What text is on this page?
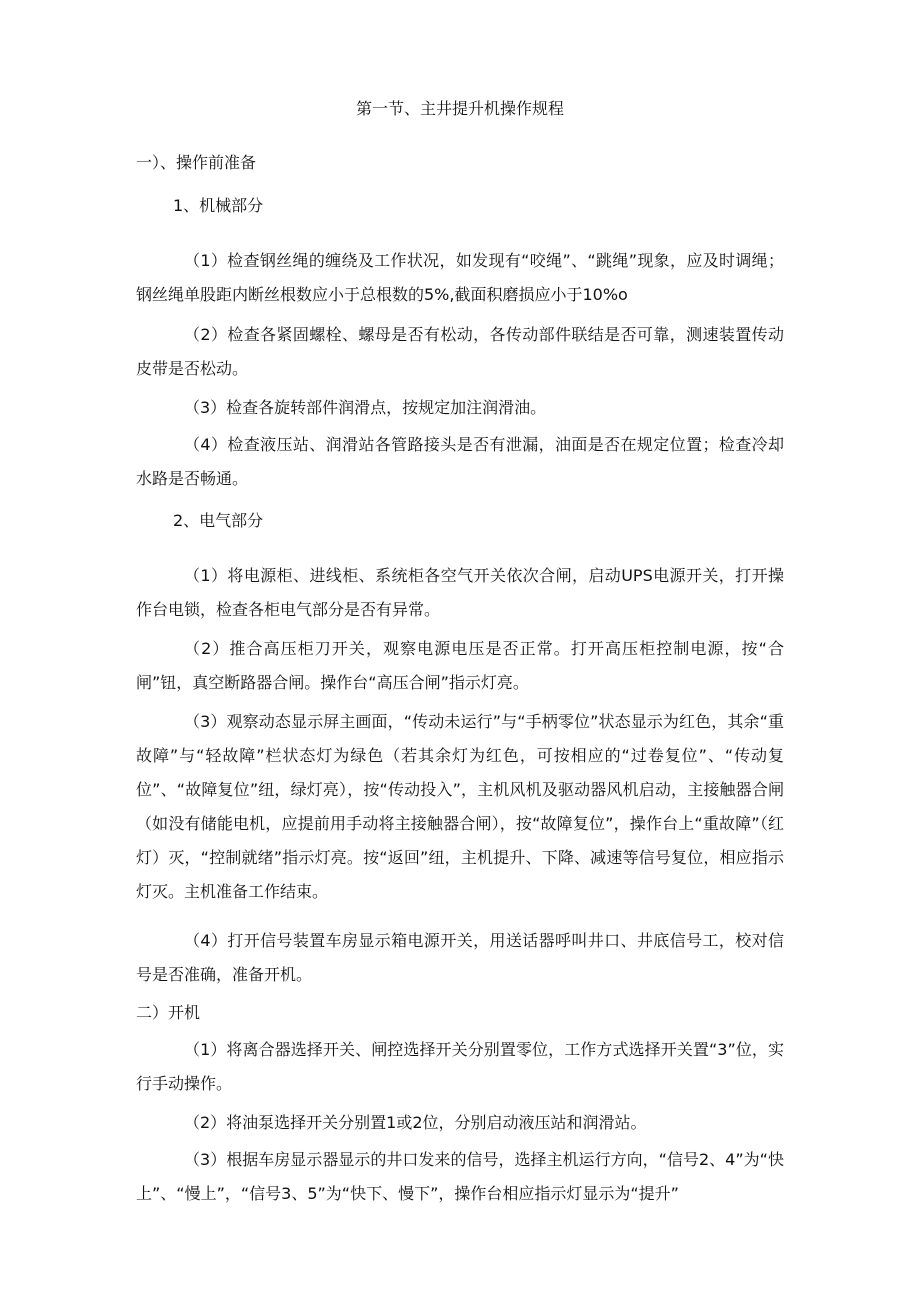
第一节、主井提升机操作规程
一）、操作前准备
1、机械部分

（1）检查钢丝绳的缠绕及工作状况，如发现有“咬绳”、“跳绳”现象，应及时调绳；钢丝绳单股距内断丝根数应小于总根数的5%,截面积磨损应小于10%o

（2）检查各紧固螺栓、螺母是否有松动，各传动部件联结是否可靠，测速装置传动皮带是否松动。

（3）检查各旋转部件润滑点，按规定加注润滑油。

（4）检查液压站、润滑站各管路接头是否有泄漏，油面是否在规定位置；检查冷却水路是否畅通。

2、电气部分

（1）将电源柜、进线柜、系统柜各空气开关依次合闸，启动UPS电源开关，打开操作台电锁，检查各柜电气部分是否有异常。

（2）推合高压柜刀开关，观察电源电压是否正常。打开高压柜控制电源，按“合闸”钮，真空断路器合闸。操作台“高压合闸”指示灯亮。

（3）观察动态显示屏主画面，“传动未运行”与“手柄零位”状态显示为红色，其余“重故障”与“轻故障”栏状态灯为绿色（若其余灯为红色，可按相应的“过卷复位”、“传动复位”、“故障复位”纽，绿灯亮），按“传动投入”，主机风机及驱动器风机启动，主接触器合闸（如没有储能电机，应提前用手动将主接触器合闸），按“故障复位”，操作台上“重故障”（红灯）灭，“控制就绪”指示灯亮。按“返回”纽，主机提升、下降、减速等信号复位，相应指示灯灭。主机准备工作结束。

（4）打开信号装置车房显示箱电源开关，用送话器呼叫井口、井底信号工，校对信号是否准确，准备开机。

二）开机

（1）将离合器选择开关、闸控选择开关分别置零位，工作方式选择开关置“3”位，实行手动操作。

（2）将油泵选择开关分别置1或2位，分别启动液压站和润滑站。

（3）根据车房显示器显示的井口发来的信号，选择主机运行方向，“信号2、4”为“快上”、“慢上”，“信号3、5”为“快下、慢下”，操作台相应指示灯显示为“提升”
